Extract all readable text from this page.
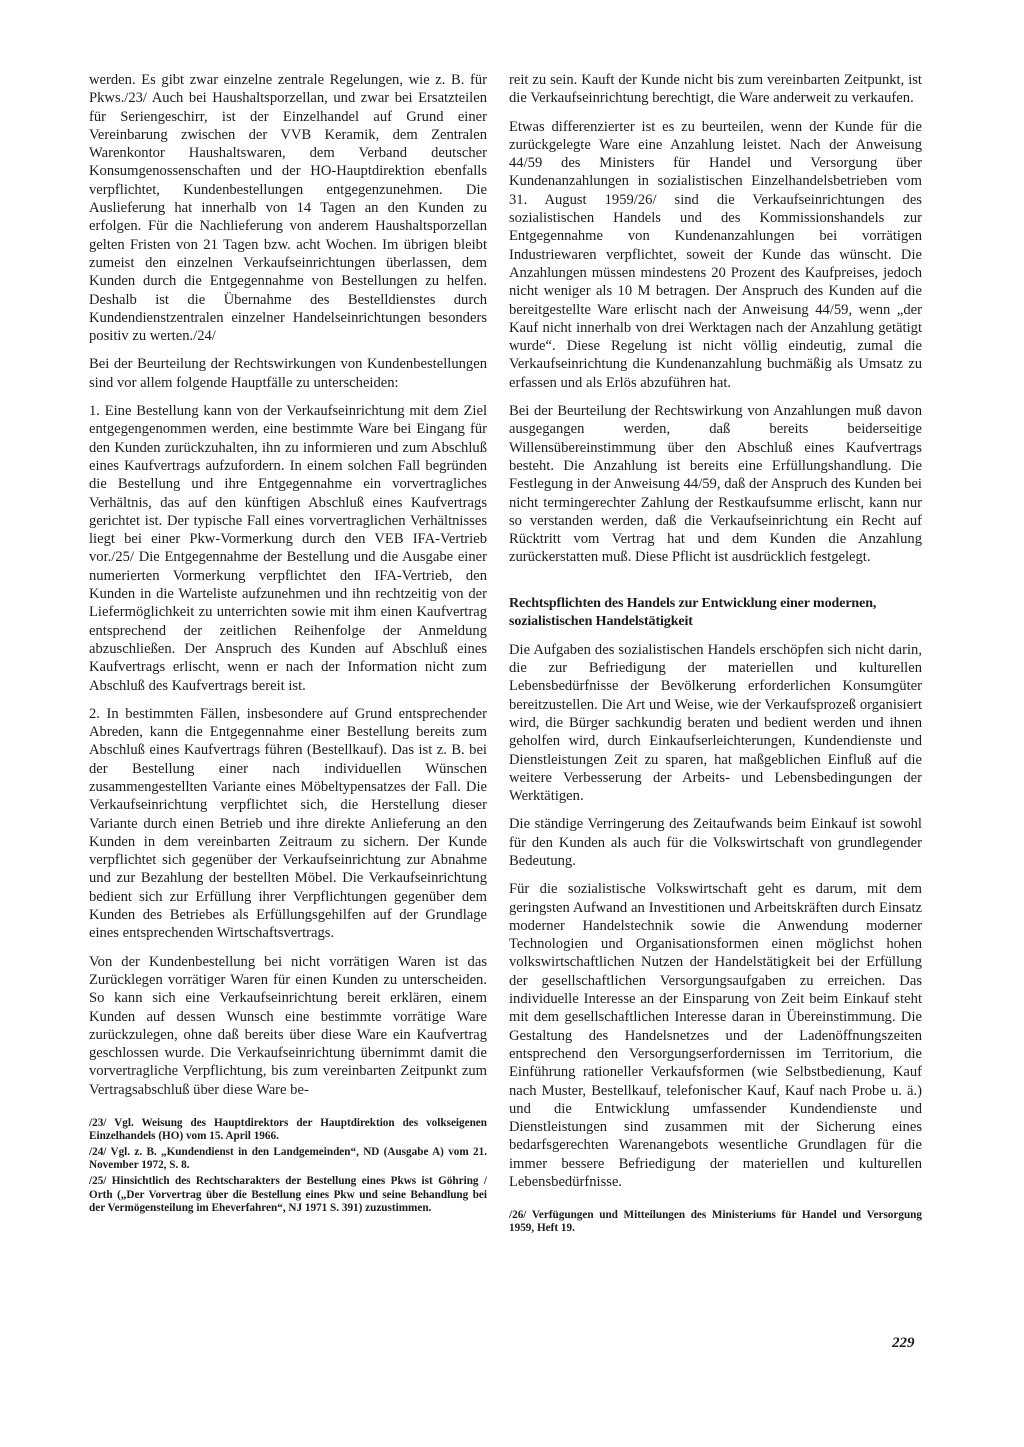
werden. Es gibt zwar einzelne zentrale Regelungen, wie z. B. für Pkws./23/ Auch bei Haushaltsporzellan, und zwar bei Ersatzteilen für Seriengeschirr, ist der Einzelhandel auf Grund einer Vereinbarung zwischen der VVB Keramik, dem Zentralen Warenkontor Haushaltswaren, dem Verband deutscher Konsumgenossenschaften und der HO-Hauptdirektion ebenfalls verpflichtet, Kundenbestellungen entgegenzunehmen. Die Auslieferung hat innerhalb von 14 Tagen an den Kunden zu erfolgen. Für die Nachlieferung von anderem Haushaltsporzellan gelten Fristen von 21 Tagen bzw. acht Wochen. Im übrigen bleibt zumeist den einzelnen Verkaufseinrichtungen überlassen, dem Kunden durch die Entgegennahme von Bestellungen zu helfen. Deshalb ist die Übernahme des Bestelldienstes durch Kundendienstzentralen einzelner Handelseinrichtungen besonders positiv zu werten./24/

Bei der Beurteilung der Rechtswirkungen von Kundenbestellungen sind vor allem folgende Hauptfälle zu unterscheiden:

1. Eine Bestellung kann von der Verkaufseinrichtung mit dem Ziel entgegengenommen werden, eine bestimmte Ware bei Eingang für den Kunden zurückzuhalten, ihn zu informieren und zum Abschluß eines Kaufvertrags aufzufordern. In einem solchen Fall begründen die Bestellung und ihre Entgegennahme ein vorvertragliches Verhältnis, das auf den künftigen Abschluß eines Kaufvertrags gerichtet ist. Der typische Fall eines vorvertraglichen Verhältnisses liegt bei einer Pkw-Vormerkung durch den VEB IFA-Vertrieb vor./25/ Die Entgegennahme der Bestellung und die Ausgabe einer numerierten Vormerkung verpflichtet den IFA-Vertrieb, den Kunden in die Warteliste aufzunehmen und ihn rechtzeitig von der Liefermöglichkeit zu unterrichten sowie mit ihm einen Kaufvertrag entsprechend der zeitlichen Reihenfolge der Anmeldung abzuschließen. Der Anspruch des Kunden auf Abschluß eines Kaufvertrags erlischt, wenn er nach der Information nicht zum Abschluß des Kaufvertrags bereit ist.

2. In bestimmten Fällen, insbesondere auf Grund entsprechender Abreden, kann die Entgegennahme einer Bestellung bereits zum Abschluß eines Kaufvertrags führen (Bestellkauf). Das ist z. B. bei der Bestellung einer nach individuellen Wünschen zusammengestellten Variante eines Möbeltypensatzes der Fall. Die Verkaufseinrichtung verpflichtet sich, die Herstellung dieser Variante durch einen Betrieb und ihre direkte Anlieferung an den Kunden in dem vereinbarten Zeitraum zu sichern. Der Kunde verpflichtet sich gegenüber der Verkaufseinrichtung zur Abnahme und zur Bezahlung der bestellten Möbel. Die Verkaufseinrichtung bedient sich zur Erfüllung ihrer Verpflichtungen gegenüber dem Kunden des Betriebes als Erfüllungsgehilfen auf der Grundlage eines entsprechenden Wirtschaftsvertrags.

Von der Kundenbestellung bei nicht vorrätigen Waren ist das Zurücklegen vorrätiger Waren für einen Kunden zu unterscheiden. So kann sich eine Verkaufseinrichtung bereit erklären, einem Kunden auf dessen Wunsch eine bestimmte vorrätige Ware zurückzulegen, ohne daß bereits über diese Ware ein Kaufvertrag geschlossen wurde. Die Verkaufseinrichtung übernimmt damit die vorvertragliche Verpflichtung, bis zum vereinbarten Zeitpunkt zum Vertragsabschluß über diese Ware be-

/23/ Vgl. Weisung des Hauptdirektors der Hauptdirektion des volkseigenen Einzelhandels (HO) vom 15. April 1966.

/24/ Vgl. z. B. „Kundendienst in den Landgemeinden“, ND (Ausgabe A) vom 21. November 1972, S. 8.

/25/ Hinsichtlich des Rechtscharakters der Bestellung eines Pkws ist Göhring / Orth („Der Vorvertrag über die Bestellung eines Pkw und seine Behandlung bei der Vermögensteilung im Eheverfahren“, NJ 1971 S. 391) zuzustimmen.

reit zu sein. Kauft der Kunde nicht bis zum vereinbarten Zeitpunkt, ist die Verkaufseinrichtung berechtigt, die Ware anderweit zu verkaufen.

Etwas differenzierter ist es zu beurteilen, wenn der Kunde für die zurückgelegte Ware eine Anzahlung leistet. Nach der Anweisung 44/59 des Ministers für Handel und Versorgung über Kundenanzahlungen in sozialistischen Einzelhandelsbetrieben vom 31. August 1959/26/ sind die Verkaufseinrichtungen des sozialistischen Handels und des Kommissionshandels zur Entgegennahme von Kundenanzahlungen bei vorrätigen Industriewaren verpflichtet, soweit der Kunde das wünscht. Die Anzahlungen müssen mindestens 20 Prozent des Kaufpreises, jedoch nicht weniger als 10 M betragen. Der Anspruch des Kunden auf die bereitgestellte Ware erlischt nach der Anweisung 44/59, wenn „der Kauf nicht innerhalb von drei Werktagen nach der Anzahlung getätigt wurde“. Diese Regelung ist nicht völlig eindeutig, zumal die Verkaufseinrichtung die Kundenanzahlung buchmäßig als Umsatz zu erfassen und als Erlös abzuführen hat.

Bei der Beurteilung der Rechtswirkung von Anzahlungen muß davon ausgegangen werden, daß bereits beiderseitige Willensübereinstimmung über den Abschluß eines Kaufvertrags besteht. Die Anzahlung ist bereits eine Erfüllungshandlung. Die Festlegung in der Anweisung 44/59, daß der Anspruch des Kunden bei nicht termingerechter Zahlung der Restkaufsumme erlischt, kann nur so verstanden werden, daß die Verkaufseinrichtung ein Recht auf Rücktritt vom Vertrag hat und dem Kunden die Anzahlung zurückerstatten muß. Diese Pflicht ist ausdrücklich festgelegt.

Rechtspflichten des Handels zur Entwicklung einer modernen, sozialistischen Handelstätigkeit

Die Aufgaben des sozialistischen Handels erschöpfen sich nicht darin, die zur Befriedigung der materiellen und kulturellen Lebensbedürfnisse der Bevölkerung erforderlichen Konsumgüter bereitzustellen. Die Art und Weise, wie der Verkaufsprozeß organisiert wird, die Bürger sachkundig beraten und bedient werden und ihnen geholfen wird, durch Einkaufserleichterungen, Kundendienste und Dienstleistungen Zeit zu sparen, hat maßgeblichen Einfluß auf die weitere Verbesserung der Arbeits- und Lebensbedingungen der Werktätigen.

Die ständige Verringerung des Zeitaufwands beim Einkauf ist sowohl für den Kunden als auch für die Volkswirtschaft von grundlegender Bedeutung.

Für die sozialistische Volkswirtschaft geht es darum, mit dem geringsten Aufwand an Investitionen und Arbeitskräften durch Einsatz moderner Handelstechnik sowie die Anwendung moderner Technologien und Organisationsformen einen möglichst hohen volkswirtschaftlichen Nutzen der Handelstätigkeit bei der Erfüllung der gesellschaftlichen Versorgungsaufgaben zu erreichen. Das individuelle Interesse an der Einsparung von Zeit beim Einkauf steht mit dem gesellschaftlichen Interesse daran in Übereinstimmung. Die Gestaltung des Handelsnetzes und der Ladenöffnungszeiten entsprechend den Versorgungserfordernissen im Territorium, die Einführung rationeller Verkaufsformen (wie Selbstbedienung, Kauf nach Muster, Bestellkauf, telefonischer Kauf, Kauf nach Probe u. ä.) und die Entwicklung umfassender Kundendienste und Dienstleistungen sind zusammen mit der Sicherung eines bedarfsgerechten Warenangebots wesentliche Grundlagen für die immer bessere Befriedigung der materiellen und kulturellen Lebensbedürfnisse.

/26/ Verfügungen und Mitteilungen des Ministeriums für Handel und Versorgung 1959, Heft 19.

229
